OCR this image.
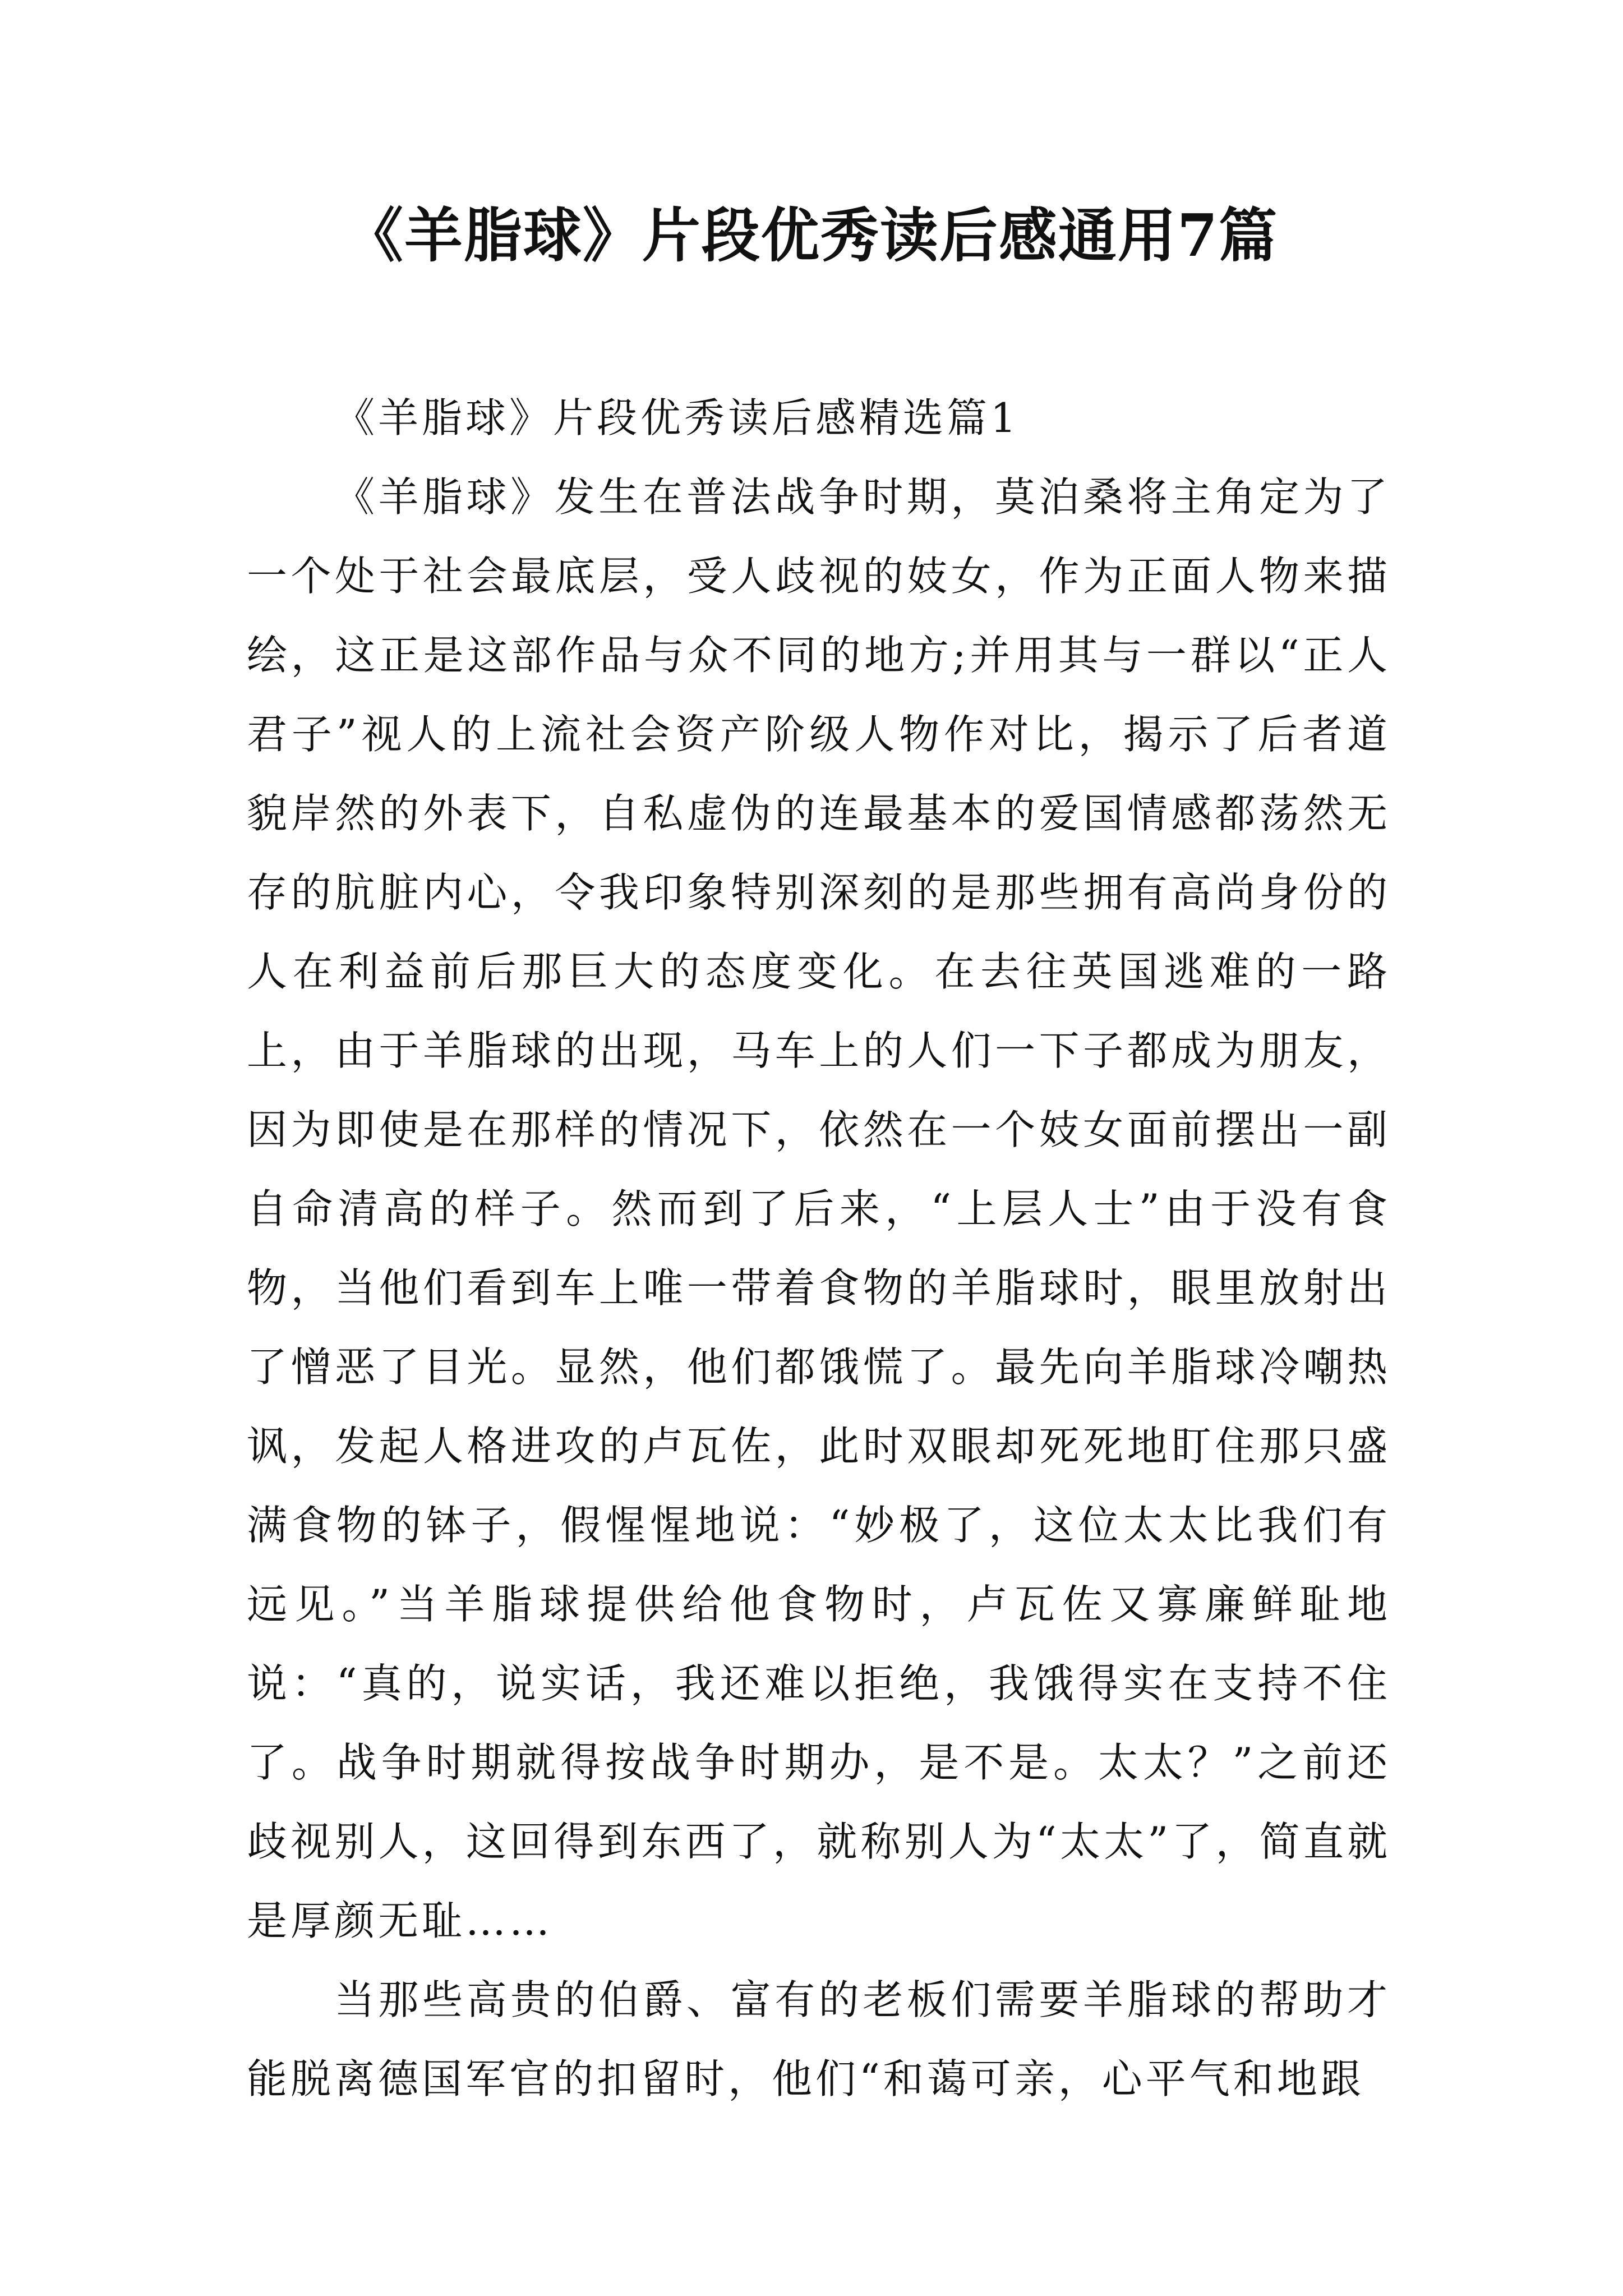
《羊脂球》片段优秀读后感通用7篇

《羊脂球》片段优秀读后感精选篇1

《羊脂球》发生在普法战争时期，莫泊桑将主角定为了一个处于社会最底层，受人歧视的妓女，作为正面人物来描绘，这正是这部作品与众不同的地方;并用其与一群以“正人君子”视人的上流社会资产阶级人物作对比，揭示了后者道貌岸然的外表下，自私虚伪的连最基本的爱国情感都荡然无存的肮脏内心，令我印象特别深刻的是那些拥有高尚身份的人在利益前后那巨大的态度变化。在去往英国逃难的一路上，由于羊脂球的出现，马车上的人们一下子都成为朋友，因为即使是在那样的情况下，依然在一个妓女面前摆出一副自命清高的样子。然而到了后来，“上层人士”由于没有食物，当他们看到车上唯一带着食物的羊脂球时，眼里放射出了憎恶了目光。显然，他们都饿慌了。最先向羊脂球冷嘲热讽，发起人格进攻的卢瓦佐，此时双眼却死死地盯住那只盛满食物的钵子，假惺惺地说：“妙极了，这位太太比我们有远见。”当羊脂球提供给他食物时，卢瓦佐又寡廉鲜耻地说：“真的，说实话，我还难以拒绝，我饿得实在支持不住了。战争时期就得按战争时期办，是不是。太太？”之前还歧视别人，这回得到东西了，就称别人为“太太”了，简直就是厚颜无耻……

当那些高贵的伯爵、富有的老板们需要羊脂球的帮助才能脱离德国军官的扣留时，他们“和蔼可亲，心平气和地跟
